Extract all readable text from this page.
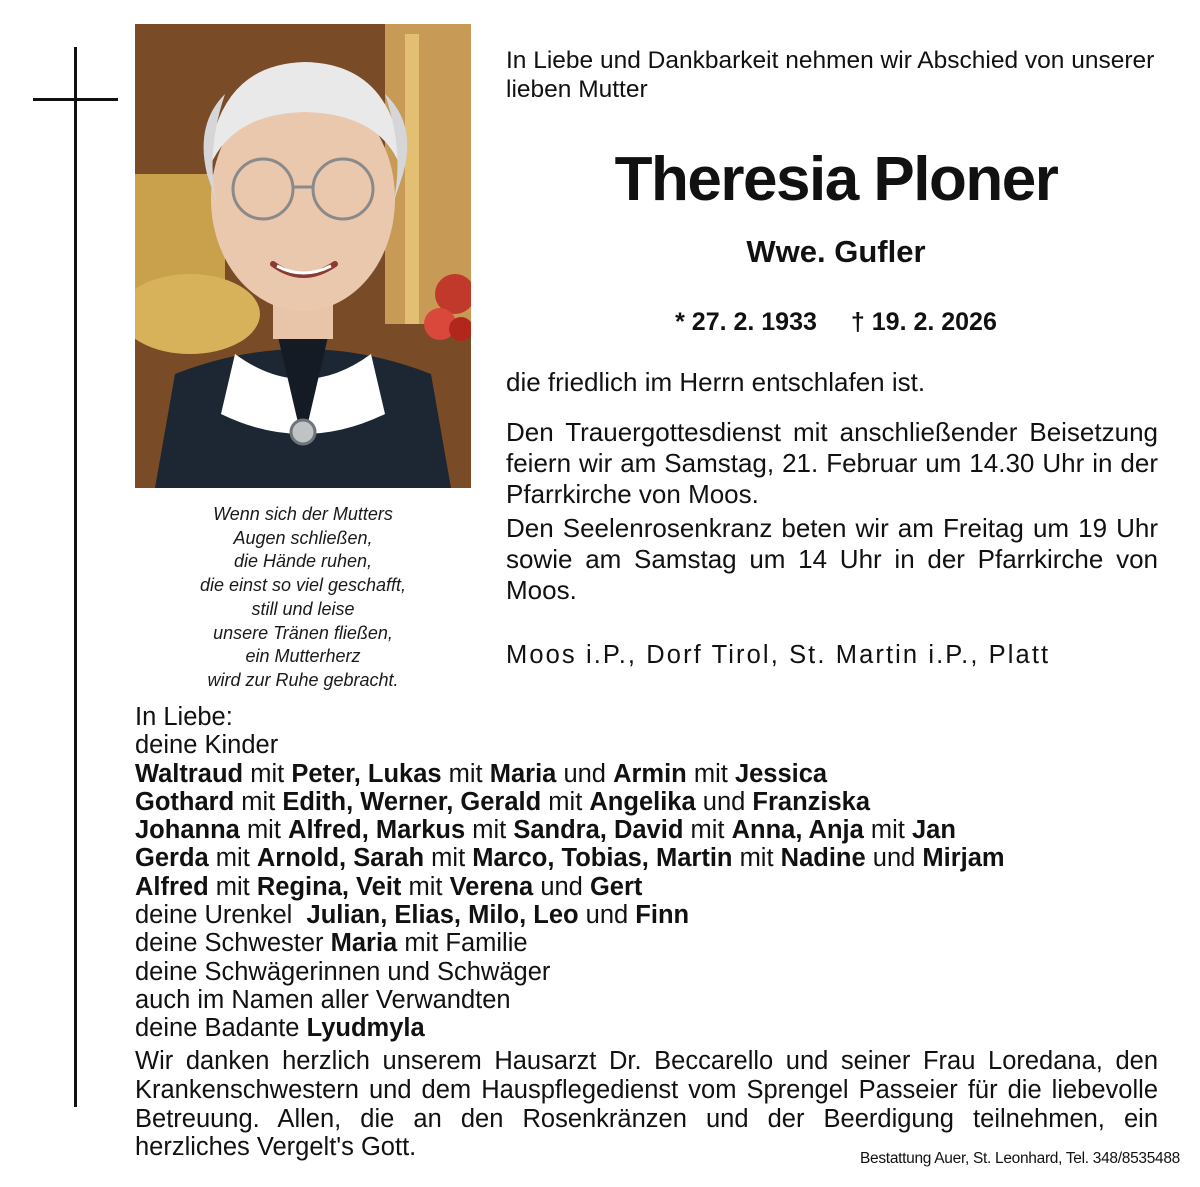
Wenn sich der Mutters
Augen schließen,
die Hände ruhen,
die einst so viel geschafft,
still und leise
unsere Tränen fließen,
ein Mutterherz
wird zur Ruhe gebracht.
In Liebe und Dankbarkeit nehmen wir Abschied von unserer lieben Mutter
Theresia Ploner
Wwe. Gufler
* 27. 2. 1933 † 19. 2. 2026
die friedlich im Herrn entschlafen ist.
Den Trauergottesdienst mit anschließender Beisetzung feiern wir am Samstag, 21. Februar um 14.30 Uhr in der Pfarrkirche von Moos.
Den Seelenrosenkranz beten wir am Freitag um 19 Uhr sowie am Samstag um 14 Uhr in der Pfarrkirche von Moos.
Moos i.P., Dorf Tirol, St. Martin i.P., Platt
In Liebe:
deine Kinder
Waltraud mit Peter, Lukas mit Maria und Armin mit Jessica
Gothard mit Edith, Werner, Gerald mit Angelika und Franziska
Johanna mit Alfred, Markus mit Sandra, David mit Anna, Anja mit Jan
Gerda mit Arnold, Sarah mit Marco, Tobias, Martin mit Nadine und Mirjam
Alfred mit Regina, Veit mit Verena und Gert
deine Urenkel  Julian, Elias, Milo, Leo und Finn
deine Schwester Maria mit Familie
deine Schwägerinnen und Schwäger
auch im Namen aller Verwandten
deine Badante Lyudmyla
Wir danken herzlich unserem Hausarzt Dr. Beccarello und seiner Frau Loredana, den Krankenschwestern und dem Hauspflegedienst vom Sprengel Passeier für die liebevolle Betreuung. Allen, die an den Rosenkränzen und der Beerdigung teilnehmen, ein herzliches Vergelt's Gott.	Bestattung Auer, St. Leonhard, Tel. 348/8535488
